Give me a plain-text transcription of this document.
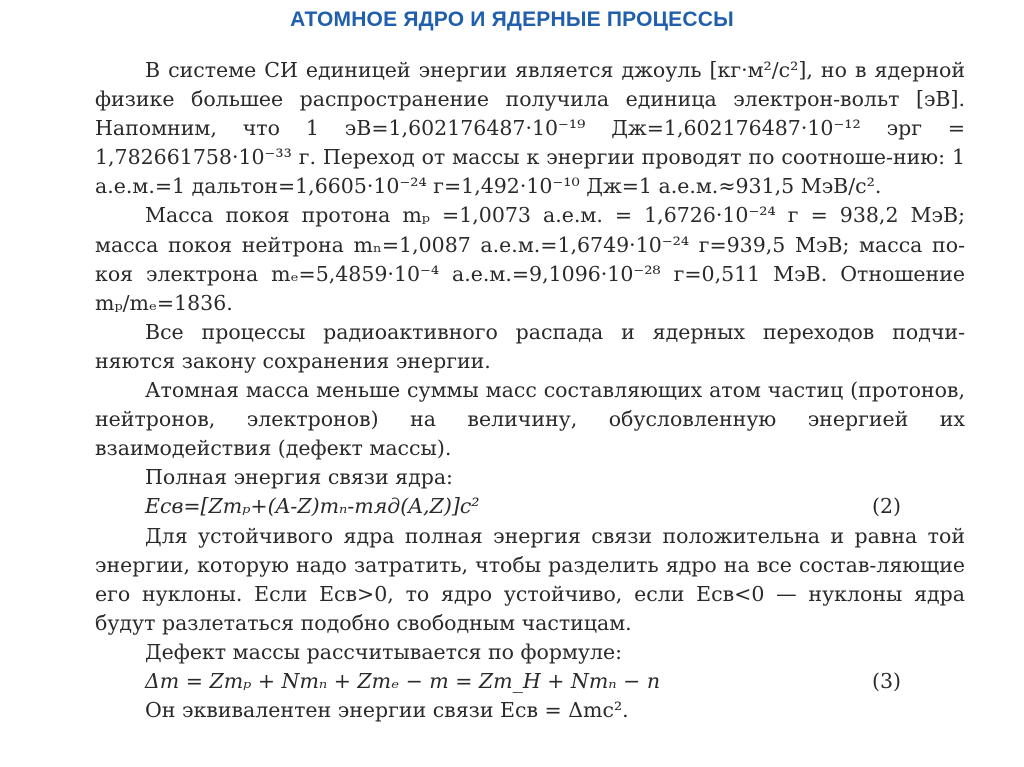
АТОМНОЕ ЯДРО И ЯДЕРНЫЕ ПРОЦЕССЫ

В системе СИ единицей энергии является джоуль [кг·м²/с²], но в ядерной физике большее распространение получила единица электрон-вольт [эВ]. Напомним, что 1 эВ=1,602176487·10⁻¹⁹ Дж=1,602176487·10⁻¹² эрг = 1,782661758·10⁻³³ г. Переход от массы к энергии проводят по соотноше-нию: 1 а.е.м.=1 дальтон=1,6605·10⁻²⁴ г=1,492·10⁻¹⁰ Дж=1 а.е.м.≈931,5 МэВ/с².

Масса покоя протона mₚ =1,0073 а.е.м. = 1,6726·10⁻²⁴ г = 938,2 МэВ; масса покоя нейтрона mₙ=1,0087 а.е.м.=1,6749·10⁻²⁴ г=939,5 МэВ; масса по-коя электрона mₑ=5,4859·10⁻⁴ а.е.м.=9,1096·10⁻²⁸ г=0,511 МэВ. Отношение mₚ/mₑ=1836.

Все процессы радиоактивного распада и ядерных переходов подчи-няются закону сохранения энергии.

Атомная масса меньше суммы масс составляющих атом частиц (протонов, нейтронов, электронов) на величину, обусловленную энергией их взаимодействия (дефект массы).

Полная энергия связи ядра:
Eсв=[Zmₚ+(A-Z)mₙ-mяд(A,Z)]c²	(2)

Для устойчивого ядра полная энергия связи положительна и равна той энергии, которую надо затратить, чтобы разделить ядро на все состав-ляющие его нуклоны. Если Eсв>0, то ядро устойчиво, если Eсв<0 — нуклоны ядра будут разлетаться подобно свободным частицам.

Дефект массы рассчитывается по формуле:
Δm = Zmₚ + Nmₙ + Zmₑ − m = Zm_H + Nmₙ − n	(3)
Он эквивалентен энергии связи Eсв = Δmc².
